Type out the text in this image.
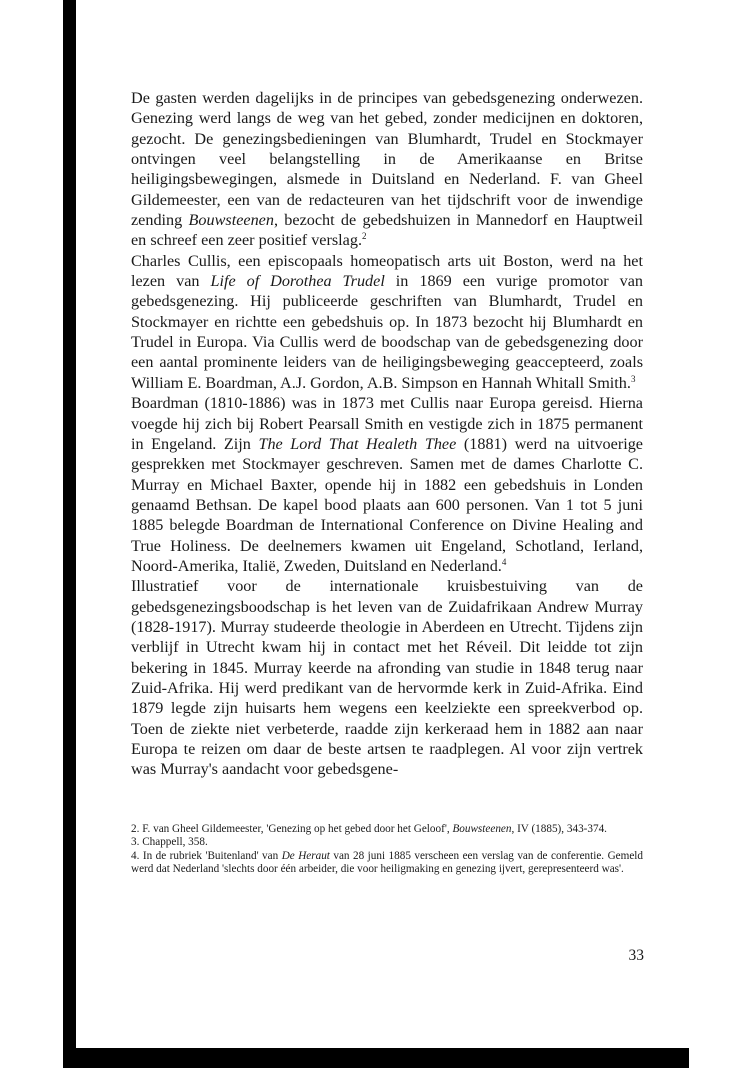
De gasten werden dagelijks in de principes van gebedsgenezing onderwezen. Genezing werd langs de weg van het gebed, zonder medicijnen en doktoren, gezocht. De genezingsbedieningen van Blumhardt, Trudel en Stockmayer ontvingen veel belangstelling in de Amerikaanse en Britse heiligingsbewegingen, alsmede in Duitsland en Nederland. F. van Gheel Gildemeester, een van de redacteuren van het tijdschrift voor de inwendige zending Bouwsteenen, bezocht de gebedshuizen in Mannedorf en Hauptweil en schreef een zeer positief verslag.$^2$

Charles Cullis, een episcopaals homeopatisch arts uit Boston, werd na het lezen van Life of Dorothea Trudel in 1869 een vurige promotor van gebedsgenezing. Hij publiceerde geschriften van Blumhardt, Trudel en Stockmayer en richtte een gebedshuis op. In 1873 bezocht hij Blumhardt en Trudel in Europa. Via Cullis werd de boodschap van de gebedsgenezing door een aantal prominente leiders van de heiligingsbeweging geaccepteerd, zoals William E. Boardman, A.J. Gordon, A.B. Simpson en Hannah Whitall Smith.$^3$

Boardman (1810-1886) was in 1873 met Cullis naar Europa gereisd. Hierna voegde hij zich bij Robert Pearsall Smith en vestigde zich in 1875 permanent in Engeland. Zijn The Lord That Healeth Thee (1881) werd na uitvoerige gesprekken met Stockmayer geschreven. Samen met de dames Charlotte C. Murray en Michael Baxter, opende hij in 1882 een gebedshuis in Londen genaamd Bethsan. De kapel bood plaats aan 600 personen. Van 1 tot 5 juni 1885 belegde Boardman de International Conference on Divine Healing and True Holiness. De deelnemers kwamen uit Engeland, Schotland, Ierland, Noord-Amerika, Italië, Zweden, Duitsland en Nederland.$^4$

Illustratief voor de internationale kruisbestuiving van de gebedsgenezingsboodschap is het leven van de Zuidafrikaan Andrew Murray (1828-1917). Murray studeerde theologie in Aberdeen en Utrecht. Tijdens zijn verblijf in Utrecht kwam hij in contact met het Réveil. Dit leidde tot zijn bekering in 1845. Murray keerde na afronding van studie in 1848 terug naar Zuid-Afrika. Hij werd predikant van de hervormde kerk in Zuid-Afrika. Eind 1879 legde zijn huisarts hem wegens een keelziekte een spreekverbod op. Toen de ziekte niet verbeterde, raadde zijn kerkeraad hem in 1882 aan naar Europa te reizen om daar de beste artsen te raadplegen. Al voor zijn vertrek was Murray's aandacht voor gebedsgene-

2. F. van Gheel Gildemeester, 'Genezing op het gebed door het Geloof', Bouwsteenen, IV (1885), 343-374.

3. Chappell, 358.

4. In de rubriek 'Buitenland' van De Heraut van 28 juni 1885 verscheen een verslag van de conferentie. Gemeld werd dat Nederland 'slechts door één arbeider, die voor heiligmaking en genezing ijvert, gerepresenteerd was'.

33
